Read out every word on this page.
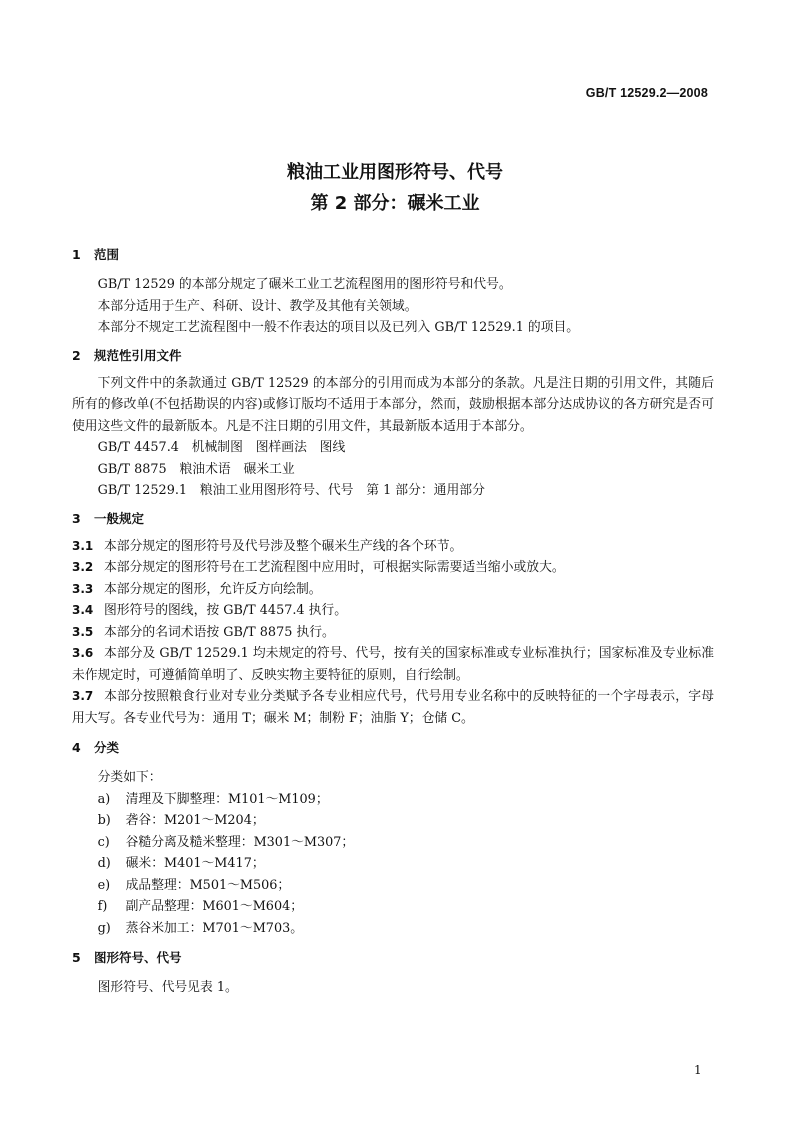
GB/T 12529.2—2008
粮油工业用图形符号、代号
第 2 部分：碾米工业
1 范围
GB/T 12529 的本部分规定了碾米工业工艺流程图用的图形符号和代号。
本部分适用于生产、科研、设计、教学及其他有关领域。
本部分不规定工艺流程图中一般不作表达的项目以及已列入 GB/T 12529.1 的项目。
2 规范性引用文件
下列文件中的条款通过 GB/T 12529 的本部分的引用而成为本部分的条款。凡是注日期的引用文件，其随后所有的修改单(不包括勘误的内容)或修订版均不适用于本部分，然而，鼓励根据本部分达成协议的各方研究是否可使用这些文件的最新版本。凡是不注日期的引用文件，其最新版本适用于本部分。
GB/T 4457.4　机械制图　图样画法　图线
GB/T 8875　粮油术语　碾米工业
GB/T 12529.1　粮油工业用图形符号、代号　第 1 部分：通用部分
3 一般规定
3.1 本部分规定的图形符号及代号涉及整个碾米生产线的各个环节。
3.2 本部分规定的图形符号在工艺流程图中应用时，可根据实际需要适当缩小或放大。
3.3 本部分规定的图形，允许反方向绘制。
3.4 图形符号的图线，按 GB/T 4457.4 执行。
3.5 本部分的名词术语按 GB/T 8875 执行。
3.6 本部分及 GB/T 12529.1 均未规定的符号、代号，按有关的国家标准或专业标准执行；国家标准及专业标准未作规定时，可遵循简单明了、反映实物主要特征的原则，自行绘制。
3.7 本部分按照粮食行业对专业分类赋予各专业相应代号，代号用专业名称中的反映特征的一个字母表示，字母用大写。各专业代号为：通用 T；碾米 M；制粉 F；油脂 Y；仓储 C。
4 分类
分类如下：
a) 清理及下脚整理：M101～M109；
b) 砻谷：M201～M204；
c) 谷糙分离及糙米整理：M301～M307；
d) 碾米：M401～M417；
e) 成品整理：M501～M506；
f) 副产品整理：M601～M604；
g) 蒸谷米加工：M701～M703。
5 图形符号、代号
图形符号、代号见表 1。
1
